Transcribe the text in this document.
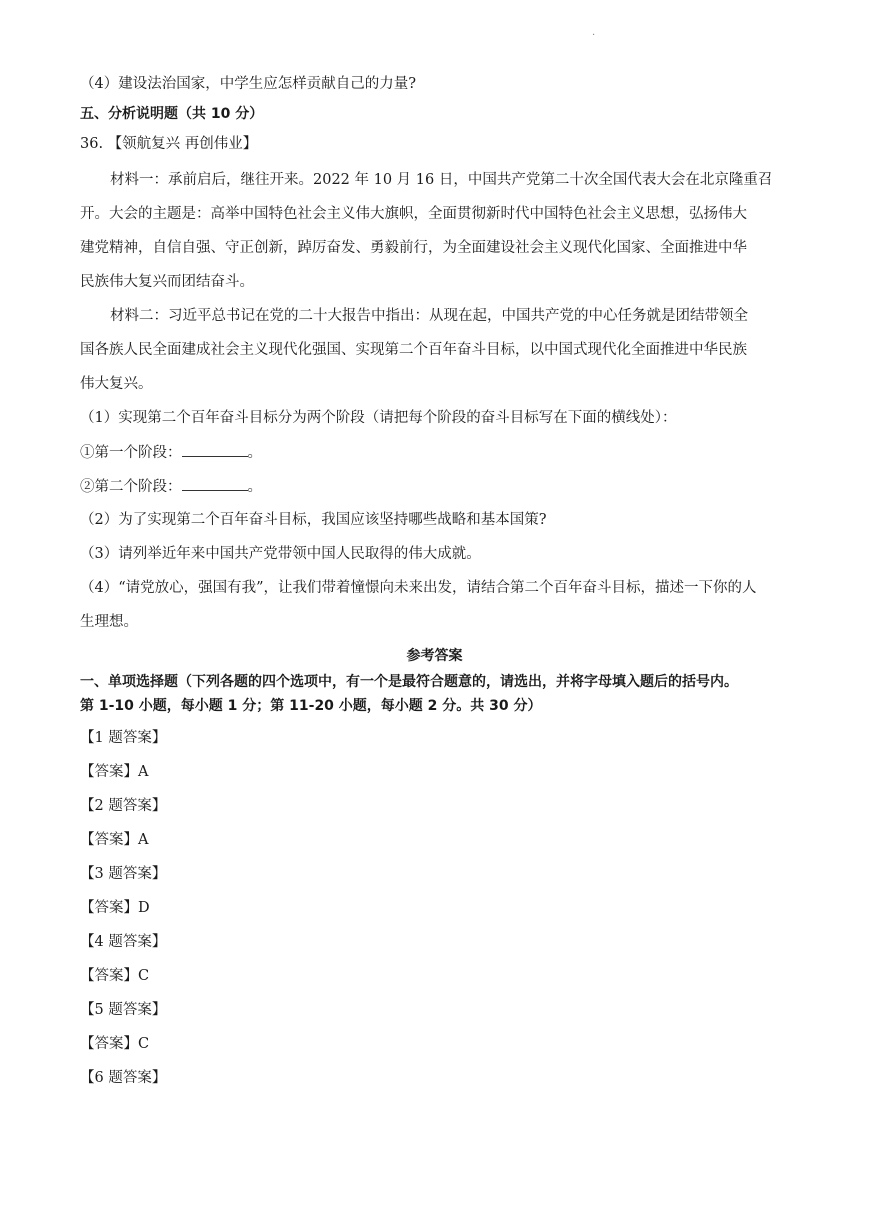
·
（4）建设法治国家，中学生应怎样贡献自己的力量?
五、分析说明题（共 10 分）
36. 【领航复兴 再创伟业】
材料一：承前启后，继往开来。2022 年 10 月 16 日，中国共产党第二十次全国代表大会在北京隆重召
开。大会的主题是：高举中国特色社会主义伟大旗帜，全面贯彻新时代中国特色社会主义思想，弘扬伟大
建党精神，自信自强、守正创新，踔厉奋发、勇毅前行，为全面建设社会主义现代化国家、全面推进中华
民族伟大复兴而团结奋斗。
材料二：习近平总书记在党的二十大报告中指出：从现在起，中国共产党的中心任务就是团结带领全
国各族人民全面建成社会主义现代化强国、实现第二个百年奋斗目标，以中国式现代化全面推进中华民族
伟大复兴。
（1）实现第二个百年奋斗目标分为两个阶段（请把每个阶段的奋斗目标写在下面的横线处）：
①第一个阶段：	。
②第二个阶段：	。
（2）为了实现第二个百年奋斗目标，我国应该坚持哪些战略和基本国策?
（3）请列举近年来中国共产党带领中国人民取得的伟大成就。
（4）“请党放心，强国有我”，让我们带着憧憬向未来出发，请结合第二个百年奋斗目标，描述一下你的人
生理想。
参考答案
一、单项选择题（下列各题的四个选项中，有一个是最符合题意的，请选出，并将字母填入题后的括号内。
第 1-10 小题，每小题 1 分；第 11-20 小题，每小题 2 分。共 30 分）
【1 题答案】
【答案】A
【2 题答案】
【答案】A
【3 题答案】
【答案】D
【4 题答案】
【答案】C
【5 题答案】
【答案】C
【6 题答案】
